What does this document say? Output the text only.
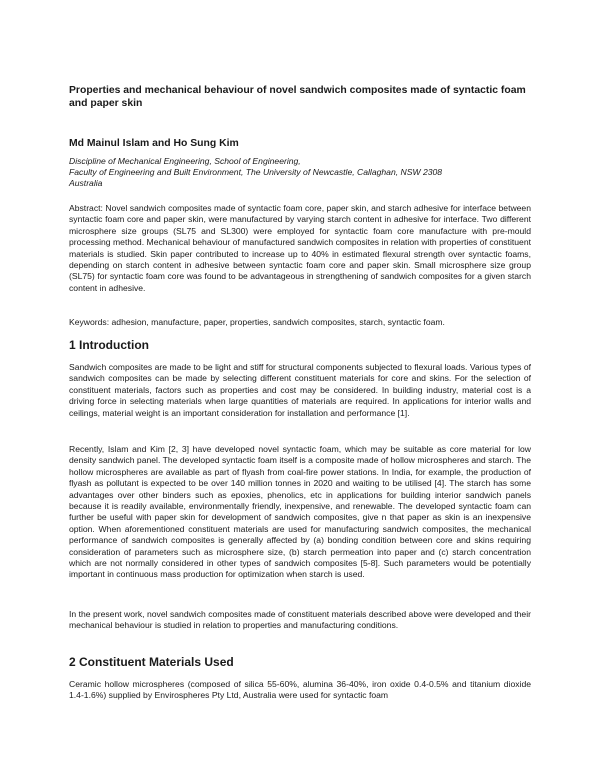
Properties and mechanical behaviour of novel sandwich composites made of syntactic foam and paper skin
Md Mainul Islam and Ho Sung Kim
Discipline of Mechanical Engineering, School of Engineering,
Faculty of Engineering and Built Environment, The University of Newcastle, Callaghan, NSW 2308
Australia

Abstract: Novel sandwich composites made of syntactic foam core, paper skin, and starch adhesive for interface between syntactic foam core and paper skin, were manufactured by varying starch content in adhesive for interface. Two different microsphere size groups (SL75 and SL300) were employed for syntactic foam core manufacture with pre-mould processing method. Mechanical behaviour of manufactured sandwich composites in relation with properties of constituent materials is studied. Skin paper contributed to increase up to 40% in estimated flexural strength over syntactic foams, depending on starch content in adhesive between syntactic foam core and paper skin. Small microsphere size group (SL75) for syntactic foam core was found to be advantageous in strengthening of sandwich composites for a given starch content in adhesive.

Keywords: adhesion, manufacture, paper, properties, sandwich composites, starch, syntactic foam.

1 Introduction

Sandwich composites are made to be light and stiff for structural components subjected to flexural loads. Various types of sandwich composites can be made by selecting different constituent materials for core and skins. For the selection of constituent materials, factors such as properties and cost may be considered. In building industry, material cost is a driving force in selecting materials when large quantities of materials are required. In applications for interior walls and ceilings, material weight is an important consideration for installation and performance [1].

Recently, Islam and Kim [2, 3] have developed novel syntactic foam, which may be suitable as core material for low density sandwich panel. The developed syntactic foam itself is a composite made of hollow microspheres and starch. The hollow microspheres are available as part of flyash from coal-fire power stations. In India, for example, the production of flyash as pollutant is expected to be over 140 million tonnes in 2020 and waiting to be utilised [4]. The starch has some advantages over other binders such as epoxies, phenolics, etc in applications for building interior sandwich panels because it is readily available, environmentally friendly, inexpensive, and renewable. The developed syntactic foam can further be useful with paper skin for development of sandwich composites, give n that paper as skin is an inexpensive option. When aforementioned constituent materials are used for manufacturing sandwich composites, the mechanical performance of sandwich composites is generally affected by (a) bonding condition between core and skins requiring consideration of parameters such as microsphere size, (b) starch permeation into paper and (c) starch concentration which are not normally considered in other types of sandwich composites [5-8]. Such parameters would be potentially important in continuous mass production for optimization when starch is used.

In the present work, novel sandwich composites made of constituent materials described above were developed and their mechanical behaviour is studied in relation to properties and manufacturing conditions.

2 Constituent Materials Used

Ceramic hollow microspheres (composed of silica 55-60%, alumina 36-40%, iron oxide 0.4-0.5% and titanium dioxide 1.4-1.6%) supplied by Envirospheres Pty Ltd, Australia were used for syntactic foam
